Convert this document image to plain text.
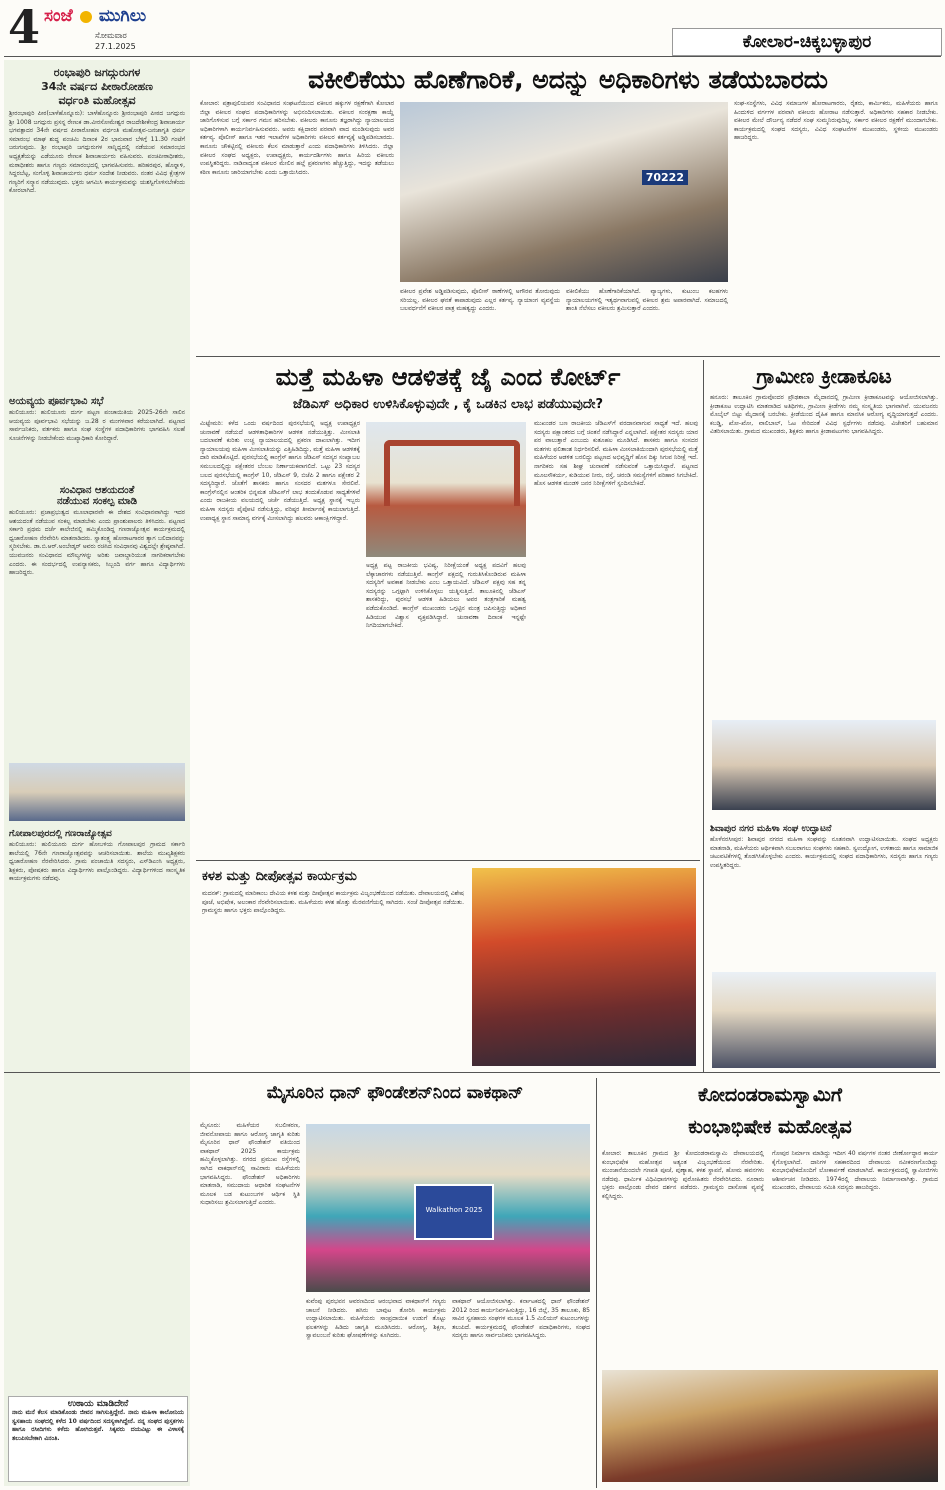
4 ಸಂಜೆ ಮುಗಿಲು
ಸೋಮವಾರ
27.1.2025	ಕೋಲಾರ-ಚಿಕ್ಕಬಳ್ಳಾಪುರ
ರಂಭಾಪುರಿ ಜಗದ್ಗುರುಗಳ
34ನೇ ವರ್ಷದ ಪೀಠಾರೋಹಣ
ವರ್ಧಂತಿ ಮಹೋತ್ಸವ
ಶ್ರೀರಂಭಾಪುರಿ ಪೀಠ(ಬಾಳೆಹೊನ್ನೂರು): ಬಾಳೆಹೊನ್ನೂರು ಶ್ರೀರಂಭಾಪುರಿ ಪೀಠದ ಜಗದ್ಗುರು ಶ್ರೀ 1008 ಜಗದ್ಗುರು ಪ್ರಸನ್ನ ರೇಣುಕ ಡಾ.ವೀರಸೋಮೇಶ್ವರ ರಾಜದೇಶೀಕೇಂದ್ರ ಶಿವಾಚಾರ್ಯ ಭಗವತ್ಪಾದರ 34ನೇ ವರ್ಷದ ಪೀಠಾರೋಹಣ ವರ್ಧಂತಿ ಮಹೋತ್ಸವ-ಜನಜಾಗೃತಿ ಧರ್ಮ ಸಮಾರಂಭ ಮಾಘ ಶುದ್ಧ ಪಂಚಮಿ ದಿನಾಂಕ 2ರ ಭಾನುವಾರ ಬೆಳಿಗ್ಗೆ 11.30 ಗಂಟೆಗೆ ಜರುಗುವುದು. ಶ್ರೀ ರಂಭಾಪುರಿ ಜಗದ್ಗುರುಗಳ ಸಾನ್ನಿಧ್ಯದಲ್ಲಿ ನಡೆಯುವ ಸಮಾರಂಭದ ಅಧ್ಯಕ್ಷತೆಯನ್ನು ಎಡೆಯೂರು ರೇಣುಕ ಶಿವಾಚಾರ್ಯರು ವಹಿಸುವರು. ಪಂಚಪೀಠಾಧೀಶರು, ಮಠಾಧೀಶರು ಹಾಗೂ ಗಣ್ಯರು ಸಮಾರಂಭದಲ್ಲಿ ಭಾಗವಹಿಸುವರು. ಹರಿಹರಪುರ, ಹೊನ್ನಾಳಿ, ಸಿದ್ದರಬೆಟ್ಟ, ಸಂಗೊಳ್ಳಿ ಶಿವಾಚಾರ್ಯರು ಧರ್ಮ ಸಂದೇಶ ನೀಡುವರು. ನಂತರ ವಿವಿಧ ಕ್ಷೇತ್ರಗಳ ಗಣ್ಯರಿಗೆ ಸನ್ಮಾನ ನಡೆಯುವುದು. ಭಕ್ತರು ಆಗಮಿಸಿ ಕಾರ್ಯಕ್ರಮವನ್ನು ಯಶಸ್ವಿಗೊಳಿಸಬೇಕೆಂದು ಕೋರಲಾಗಿದೆ.
ಅಯವ್ಯಯ ಪೂರ್ವಭಾವಿ ಸಭೆ
ಹುಲಿಯೂರು: ಹುಲಿಯೂರು ದುರ್ಗ ಪಟ್ಟಣ ಪಂಚಾಯಿತಿಯ 2025-26ನೇ ಸಾಲಿನ ಆಯವ್ಯಯ ಪೂರ್ವಭಾವಿ ಸಭೆಯನ್ನು ಜ.28 ರ ಮಂಗಳವಾರ ಕರೆಯಲಾಗಿದೆ. ಪಟ್ಟಣದ ಸಾರ್ವಜನಿಕರು, ವರ್ತಕರು ಹಾಗೂ ಸಂಘ ಸಂಸ್ಥೆಗಳ ಪದಾಧಿಕಾರಿಗಳು ಭಾಗವಹಿಸಿ ಸಲಹೆ ಸೂಚನೆಗಳನ್ನು ನೀಡಬೇಕೆಂದು ಮುಖ್ಯಾಧಿಕಾರಿ ಕೋರಿದ್ದಾರೆ.
ಸಂವಿಧಾನ ಆಶಯದಂತೆ
ನಡೆಯುವ ಸಂಕಲ್ಪ ಮಾಡಿ
ಹುಲಿಯೂರು: ಪ್ರಜಾಪ್ರಭುತ್ವದ ಮೂಲಾಧಾರವೇ ಈ ದೇಶದ ಸಂವಿಧಾನವಾಗಿದ್ದು ಇದರ ಆಶಯದಂತೆ ನಡೆಯುವ ಸಂಕಲ್ಪ ಮಾಡಬೇಕು ಎಂದು ಪ್ರಾಂಶುಪಾಲರು ತಿಳಿಸಿದರು. ಪಟ್ಟಣದ ಸರ್ಕಾರಿ ಪ್ರಥಮ ದರ್ಜೆ ಕಾಲೇಜಿನಲ್ಲಿ ಹಮ್ಮಿಕೊಂಡಿದ್ದ ಗಣರಾಜ್ಯೋತ್ಸವ ಕಾರ್ಯಕ್ರಮದಲ್ಲಿ ಧ್ವಜಾರೋಹಣ ನೆರವೇರಿಸಿ ಮಾತನಾಡಿದರು. ಸ್ವಾತಂತ್ರ್ಯ ಹೋರಾಟಗಾರರ ತ್ಯಾಗ ಬಲಿದಾನವನ್ನು ಸ್ಮರಿಸಬೇಕು. ಡಾ.ಬಿ.ಆರ್.ಅಂಬೇಡ್ಕರ್ ಅವರು ರಚಿಸಿದ ಸಂವಿಧಾನವು ವಿಶ್ವದಲ್ಲೇ ಶ್ರೇಷ್ಠವಾಗಿದೆ. ಯುವಜನರು ಸಂವಿಧಾನದ ಮೌಲ್ಯಗಳನ್ನು ಅರಿತು ಜವಾಬ್ದಾರಿಯುತ ನಾಗರಿಕರಾಗಬೇಕು ಎಂದರು. ಈ ಸಂದರ್ಭದಲ್ಲಿ ಉಪನ್ಯಾಸಕರು, ಸಿಬ್ಬಂದಿ ವರ್ಗ ಹಾಗೂ ವಿದ್ಯಾರ್ಥಿಗಳು ಹಾಜರಿದ್ದರು.
ಗೋಪಾಲಪುರದಲ್ಲಿ ಗಣರಾಜ್ಯೋತ್ಸವ
ಹುಲಿಯೂರು: ಹುಲಿಯೂರು ದುರ್ಗ ಹೋಬಳಿಯ ಗೋಪಾಲಪುರ ಗ್ರಾಮದ ಸರ್ಕಾರಿ ಶಾಲೆಯಲ್ಲಿ 76ನೇ ಗಣರಾಜ್ಯೋತ್ಸವವನ್ನು ಆಚರಿಸಲಾಯಿತು. ಶಾಲೆಯ ಮುಖ್ಯಶಿಕ್ಷಕರು ಧ್ವಜಾರೋಹಣ ನೆರವೇರಿಸಿದರು. ಗ್ರಾಮ ಪಂಚಾಯಿತಿ ಸದಸ್ಯರು, ಎಸ್‌ಡಿಎಂಸಿ ಅಧ್ಯಕ್ಷರು, ಶಿಕ್ಷಕರು, ಪೋಷಕರು ಹಾಗೂ ವಿದ್ಯಾರ್ಥಿಗಳು ಪಾಲ್ಗೊಂಡಿದ್ದರು. ವಿದ್ಯಾರ್ಥಿಗಳಿಂದ ಸಾಂಸ್ಕೃತಿಕ ಕಾರ್ಯಕ್ರಮಗಳು ನಡೆದವು.
ಉಠಾಯ ಮಾಡಿದೇನೆ
ನಾನು ಮನೆ ಕೆಲಸ ಮಾಡಿಕೊಂಡು ಜೀವನ ಸಾಗಿಸುತ್ತಿದ್ದೇನೆ. ನಾನು ಮಹಿಳಾ ಕಾಲೋನಿಯ ಸ್ವಸಹಾಯ ಸಂಘದಲ್ಲಿ ಕಳೆದ 10 ವರ್ಷದಿಂದ ಸದಸ್ಯಳಾಗಿದ್ದೇನೆ. ನನ್ನ ಸಂಘದ ಪುಸ್ತಕಗಳು ಹಾಗೂ ರಸೀದಿಗಳು ಕಳೆದು ಹೋಗಿರುತ್ತವೆ. ಸಿಕ್ಕವರು ದಯವಿಟ್ಟು ಈ ವಿಳಾಸಕ್ಕೆ ತಲುಪಿಸಬೇಕಾಗಿ ವಿನಂತಿ.
ವಕೀಲಿಕೆಯು ಹೊಣೆಗಾರಿಕೆ, ಅದನ್ನು ಅಧಿಕಾರಿಗಳು ತಡೆಯಬಾರದು
ಕೋಲಾರ: ಪತ್ರಾಪುಲಿಯವರ ಸಂವಿಧಾನದ ಸಂಘಟನೆಯಿಂದ ವಕೀಲರ ಹಕ್ಕುಗಳ ರಕ್ಷಣೆಗಾಗಿ ಕೋಲಾರ ಜಿಲ್ಲಾ ವಕೀಲರ ಸಂಘದ ಪದಾಧಿಕಾರಿಗಳನ್ನು ಅಭಿನಂದಿಸಲಾಯಿತು. ವಕೀಲರ ಸಂರಕ್ಷಣಾ ಕಾಯ್ದೆ ಜಾರಿಗೊಳಿಸುವ ಬಗ್ಗೆ ಸರ್ಕಾರ ಗಮನ ಹರಿಸಬೇಕು. ವಕೀಲರು ಕಾನೂನು ತಜ್ಞರಾಗಿದ್ದು ನ್ಯಾಯಾಲಯದ ಅಧಿಕಾರಿಗಳಾಗಿ ಕಾರ್ಯನಿರ್ವಹಿಸುವವರು. ಅವರು ಕಕ್ಷಿದಾರರ ಪರವಾಗಿ ವಾದ ಮಂಡಿಸುವುದು ಅವರ ಕರ್ತವ್ಯ. ಪೊಲೀಸ್ ಹಾಗೂ ಇತರ ಇಲಾಖೆಗಳ ಅಧಿಕಾರಿಗಳು ವಕೀಲರ ಕರ್ತವ್ಯಕ್ಕೆ ಅಡ್ಡಿಪಡಿಸಬಾರದು. ಕಾನೂನು ಚೌಕಟ್ಟಿನಲ್ಲಿ ವಕೀಲರು ಕೆಲಸ ಮಾಡುತ್ತಾರೆ ಎಂದು ಪದಾಧಿಕಾರಿಗಳು ತಿಳಿಸಿದರು. ಜಿಲ್ಲಾ ವಕೀಲರ ಸಂಘದ ಅಧ್ಯಕ್ಷರು, ಉಪಾಧ್ಯಕ್ಷರು, ಕಾರ್ಯದರ್ಶಿಗಳು ಹಾಗೂ ಹಿರಿಯ ವಕೀಲರು ಉಪಸ್ಥಿತರಿದ್ದರು. ನಾಡಿನಾದ್ಯಂತ ವಕೀಲರ ಮೇಲಿನ ಹಲ್ಲೆ ಪ್ರಕರಣಗಳು ಹೆಚ್ಚುತ್ತಿದ್ದು, ಇದನ್ನು ತಡೆಯಲು ಕಠಿಣ ಕಾನೂನು ಜಾರಿಯಾಗಬೇಕು ಎಂದು ಒತ್ತಾಯಿಸಿದರು.	70222
ವಕೀಲರ ಪ್ರವೇಶ ಅಡ್ಡಿಪಡಿಸುವುದು, ಪೊಲೀಸ್ ಠಾಣೆಗಳಲ್ಲಿ ಅಗೌರವ ತೋರುವುದು ಸರಿಯಲ್ಲ. ವಕೀಲರ ಘನತೆ ಕಾಪಾಡುವುದು ಎಲ್ಲರ ಕರ್ತವ್ಯ. ನ್ಯಾಯಾಂಗ ವ್ಯವಸ್ಥೆಯ ಬಲವರ್ಧನೆಗೆ ವಕೀಲರ ಪಾತ್ರ ಮಹತ್ವದ್ದು ಎಂದರು.
ವಕೀಲಿಕೆಯು ಹೊಣೆಗಾರಿಕೆಯಾಗಿದೆ. ವ್ಯಾಜ್ಯಗಳು, ಕುಟುಂಬ ಕಲಹಗಳು ನ್ಯಾಯಾಲಯಗಳಲ್ಲಿ ಇತ್ಯರ್ಥವಾಗುವಲ್ಲಿ ವಕೀಲರ ಶ್ರಮ ಅಪಾರವಾಗಿದೆ. ಸಮಾಜದಲ್ಲಿ ಶಾಂತಿ ನೆಲೆಸಲು ವಕೀಲರು ಶ್ರಮಿಸುತ್ತಾರೆ ಎಂದರು.
ಸಂಘ-ಸಂಸ್ಥೆಗಳು, ವಿವಿಧ ಸಮಾಜಗಳ ಹೋರಾಟಗಾರರು, ರೈತರು, ಕಾರ್ಮಿಕರು, ಮಹಿಳೆಯರು ಹಾಗೂ ಹಿಂದುಳಿದ ವರ್ಗಗಳ ಪರವಾಗಿ ವಕೀಲರು ಹೋರಾಟ ನಡೆಸುತ್ತಾರೆ. ಅಧಿಕಾರಿಗಳು ಸಹಕಾರ ನೀಡಬೇಕು. ವಕೀಲರ ಮೇಲೆ ದೌರ್ಜನ್ಯ ನಡೆದರೆ ಸಂಘ ಸುಮ್ಮನಿರುವುದಿಲ್ಲ. ಸರ್ಕಾರ ವಕೀಲರ ರಕ್ಷಣೆಗೆ ಮುಂದಾಗಬೇಕು. ಕಾರ್ಯಕ್ರಮದಲ್ಲಿ ಸಂಘದ ಸದಸ್ಯರು, ವಿವಿಧ ಸಂಘಟನೆಗಳ ಮುಖಂಡರು, ಸ್ಥಳೀಯ ಮುಖಂಡರು ಹಾಜರಿದ್ದರು.
ಮತ್ತೆ ಮಹಿಳಾ ಆಡಳಿತಕ್ಕೆ ಜೈ ಎಂದ ಕೋರ್ಟ್
ಜೆಡಿಎಸ್ ಅಧಿಕಾರ ಉಳಿಸಿಕೊಳ್ಳುವುದೇ , ಕೈ ಒಡಕಿನ ಲಾಭ ಪಡೆಯುವುದೇ?
ಮಿಟ್ಟೇಮರಿ: ಕಳೆದ ಒಂದು ವರ್ಷದಿಂದ ಪುರಸಭೆಯಲ್ಲಿ ಅಧ್ಯಕ್ಷ ಉಪಾಧ್ಯಕ್ಷರ ಚುನಾವಣೆ ನಡೆಯದೆ ಆಡಳಿತಾಧಿಕಾರಿಗಳ ಆಡಳಿತ ನಡೆಯುತ್ತಿತ್ತು. ಮೀಸಲಾತಿ ಬದಲಾವಣೆ ಕುರಿತು ಉಚ್ಚ ನ್ಯಾಯಾಲಯದಲ್ಲಿ ಪ್ರಕರಣ ದಾಖಲಾಗಿತ್ತು. ಇದೀಗ ನ್ಯಾಯಾಲಯವು ಮಹಿಳಾ ಮೀಸಲಾತಿಯನ್ನು ಎತ್ತಿಹಿಡಿದಿದ್ದು, ಮತ್ತೆ ಮಹಿಳಾ ಆಡಳಿತಕ್ಕೆ ದಾರಿ ಮಾಡಿಕೊಟ್ಟಿದೆ. ಪುರಸಭೆಯಲ್ಲಿ ಕಾಂಗ್ರೆಸ್ ಹಾಗೂ ಜೆಡಿಎಸ್ ಸದಸ್ಯರ ಸಂಖ್ಯಾಬಲ ಸಮಬಲದಲ್ಲಿದ್ದು ಪಕ್ಷೇತರರ ಬೆಂಬಲ ನಿರ್ಣಾಯಕವಾಗಲಿದೆ. ಒಟ್ಟು 23 ಸದಸ್ಯರ ಬಲದ ಪುರಸಭೆಯಲ್ಲಿ ಕಾಂಗ್ರೆಸ್ 10, ಜೆಡಿಎಸ್ 9, ಬಿಜೆಪಿ 2 ಹಾಗೂ ಪಕ್ಷೇತರ 2 ಸದಸ್ಯರಿದ್ದಾರೆ. ಜೊತೆಗೆ ಶಾಸಕರು ಹಾಗೂ ಸಂಸದರ ಮತಗಳೂ ಸೇರಲಿವೆ. ಕಾಂಗ್ರೆಸ್‌ನಲ್ಲಿನ ಆಂತರಿಕ ಭಿನ್ನಮತ ಜೆಡಿಎಸ್‌ಗೆ ಲಾಭ ತಂದುಕೊಡುವ ಸಾಧ್ಯತೆಗಳಿವೆ ಎಂದು ರಾಜಕೀಯ ವಲಯದಲ್ಲಿ ಚರ್ಚೆ ನಡೆಯುತ್ತಿದೆ. ಅಧ್ಯಕ್ಷ ಸ್ಥಾನಕ್ಕೆ ಇಬ್ಬರು ಮಹಿಳಾ ಸದಸ್ಯರು ಪೈಪೋಟಿ ನಡೆಸುತ್ತಿದ್ದು, ವರಿಷ್ಠರ ತೀರ್ಮಾನಕ್ಕೆ ಕಾಯಲಾಗುತ್ತಿದೆ. ಉಪಾಧ್ಯಕ್ಷ ಸ್ಥಾನ ಸಾಮಾನ್ಯ ವರ್ಗಕ್ಕೆ ಮೀಸಲಾಗಿದ್ದು ಹಲವರು ಆಕಾಂಕ್ಷಿಗಳಿದ್ದಾರೆ.
ಅಧ್ಯಕ್ಷ ಪಟ್ಟ ರಾಜಕೀಯ ಭವಿಷ್ಯ, ನಿರೀಕ್ಷೆಯಂತೆ ಅಧ್ಯಕ್ಷ ಪದವಿಗೆ ಹಲವು ಲೆಕ್ಕಾಚಾರಗಳು ನಡೆಯುತ್ತಿವೆ. ಕಾಂಗ್ರೆಸ್ ಪಕ್ಷದಲ್ಲಿ ಗುರುತಿಸಿಕೊಂಡಿರುವ ಮಹಿಳಾ ಸದಸ್ಯರಿಗೆ ಅವಕಾಶ ನೀಡಬೇಕು ಎಂಬ ಒತ್ತಾಯವಿದೆ. ಜೆಡಿಎಸ್ ಪಕ್ಷವು ಸಹ ತನ್ನ ಸದಸ್ಯರನ್ನು ಒಗ್ಗಟ್ಟಾಗಿ ಉಳಿಸಿಕೊಳ್ಳಲು ಯತ್ನಿಸುತ್ತಿದೆ. ತಾಲೂಕಿನಲ್ಲಿ ಜೆಡಿಎಸ್ ಶಾಸಕರಿದ್ದು, ಪುರಸಭೆ ಆಡಳಿತ ಹಿಡಿಯಲು ಅವರ ತಂತ್ರಗಾರಿಕೆ ಮಹತ್ವ ಪಡೆದುಕೊಂಡಿದೆ. ಕಾಂಗ್ರೆಸ್ ಮುಖಂಡರು ಒಗ್ಗಟ್ಟಿನ ಮಂತ್ರ ಜಪಿಸುತ್ತಿದ್ದು ಅಧಿಕಾರ ಹಿಡಿಯುವ ವಿಶ್ವಾಸ ವ್ಯಕ್ತಪಡಿಸಿದ್ದಾರೆ. ಚುನಾವಣಾ ದಿನಾಂಕ ಇನ್ನಷ್ಟೇ ನಿಗದಿಯಾಗಬೇಕಿದೆ.
ಮುಖಂಡರ ಬಣ ರಾಜಕೀಯ ಜೆಡಿಎಸ್‌ಗೆ ವರದಾನವಾಗುವ ಸಾಧ್ಯತೆ ಇದೆ. ಹಲವು ಸದಸ್ಯರು ಪಕ್ಷಾಂತರದ ಬಗ್ಗೆ ಚಿಂತನೆ ನಡೆಸಿದ್ದಾರೆ ಎನ್ನಲಾಗಿದೆ. ಪಕ್ಷೇತರ ಸದಸ್ಯರು ಯಾರ ಪರ ವಾಲುತ್ತಾರೆ ಎಂಬುದು ಕುತೂಹಲ ಮೂಡಿಸಿದೆ. ಶಾಸಕರು ಹಾಗೂ ಸಂಸದರ ಮತಗಳು ಫಲಿತಾಂಶ ನಿರ್ಧರಿಸಲಿವೆ. ಮಹಿಳಾ ಮೀಸಲಾತಿಯಿಂದಾಗಿ ಪುರಸಭೆಯಲ್ಲಿ ಮತ್ತೆ ಮಹಿಳೆಯರ ಆಡಳಿತ ಬರಲಿದ್ದು ಪಟ್ಟಣದ ಅಭಿವೃದ್ಧಿಗೆ ಹೊಸ ದಿಕ್ಕು ಸಿಗುವ ನಿರೀಕ್ಷೆ ಇದೆ. ನಾಗರಿಕರು ಸಹ ಶೀಘ್ರ ಚುನಾವಣೆ ನಡೆಸುವಂತೆ ಒತ್ತಾಯಿಸಿದ್ದಾರೆ. ಪಟ್ಟಣದ ಮೂಲಸೌಕರ್ಯ, ಕುಡಿಯುವ ನೀರು, ರಸ್ತೆ, ಚರಂಡಿ ಸಮಸ್ಯೆಗಳಿಗೆ ಪರಿಹಾರ ಸಿಗಬೇಕಿದೆ. ಹೊಸ ಆಡಳಿತ ಮಂಡಳಿ ಜನರ ನಿರೀಕ್ಷೆಗಳಿಗೆ ಸ್ಪಂದಿಸಬೇಕಿದೆ.
ಗ್ರಾಮೀಣ ಕ್ರೀಡಾಕೂಟ
ಹನೂರು: ತಾಲೂಕಿನ ಗ್ರಾಮವೊಂದರ ಪ್ರೌಢಶಾಲಾ ಮೈದಾನದಲ್ಲಿ ಗ್ರಾಮೀಣ ಕ್ರೀಡಾಕೂಟವನ್ನು ಆಯೋಜಿಸಲಾಗಿತ್ತು. ಕ್ರೀಡಾಕೂಟ ಉದ್ಘಾಟಿಸಿ ಮಾತನಾಡಿದ ಅತಿಥಿಗಳು, ಗ್ರಾಮೀಣ ಕ್ರೀಡೆಗಳು ನಮ್ಮ ಸಂಸ್ಕೃತಿಯ ಭಾಗವಾಗಿವೆ. ಯುವಜನರು ಮೊಬೈಲ್ ಬಿಟ್ಟು ಮೈದಾನಕ್ಕೆ ಬರಬೇಕು. ಕ್ರೀಡೆಯಿಂದ ದೈಹಿಕ ಹಾಗೂ ಮಾನಸಿಕ ಆರೋಗ್ಯ ವೃದ್ಧಿಯಾಗುತ್ತದೆ ಎಂದರು. ಕಬಡ್ಡಿ, ಖೋ-ಖೋ, ವಾಲಿಬಾಲ್, ಓಟ ಸೇರಿದಂತೆ ವಿವಿಧ ಸ್ಪರ್ಧೆಗಳು ನಡೆದವು. ವಿಜೇತರಿಗೆ ಬಹುಮಾನ ವಿತರಿಸಲಾಯಿತು. ಗ್ರಾಮದ ಮುಖಂಡರು, ಶಿಕ್ಷಕರು ಹಾಗೂ ಕ್ರೀಡಾಪಟುಗಳು ಭಾಗವಹಿಸಿದ್ದರು.
ಶಿವಾಪುರ ನಗರ ಮಹಿಳಾ ಸಂಘ ಉದ್ಘಾಟನೆ
ಹೊಳೆನರಸೀಪುರ: ಶಿವಾಪುರ ನಗರದ ಮಹಿಳಾ ಸಂಘವನ್ನು ನೂತನವಾಗಿ ಉದ್ಘಾಟಿಸಲಾಯಿತು. ಸಂಘದ ಅಧ್ಯಕ್ಷರು ಮಾತನಾಡಿ, ಮಹಿಳೆಯರು ಆರ್ಥಿಕವಾಗಿ ಸಬಲರಾಗಲು ಸಂಘಗಳು ಸಹಕಾರಿ. ಸ್ವಉದ್ಯೋಗ, ಉಳಿತಾಯ ಹಾಗೂ ಸಾಮಾಜಿಕ ಚಟುವಟಿಕೆಗಳಲ್ಲಿ ತೊಡಗಿಸಿಕೊಳ್ಳಬೇಕು ಎಂದರು. ಕಾರ್ಯಕ್ರಮದಲ್ಲಿ ಸಂಘದ ಪದಾಧಿಕಾರಿಗಳು, ಸದಸ್ಯರು ಹಾಗೂ ಗಣ್ಯರು ಉಪಸ್ಥಿತರಿದ್ದರು.
ಕಳಶ ಮತ್ತು ದೀಪೋತ್ಸವ ಕಾರ್ಯಕ್ರಮ
ಮದನಕ್: ಗ್ರಾಮದಲ್ಲಿ ಮಾರಿಕಾಂಬ ದೇವಿಯ ಕಳಶ ಮತ್ತು ದೀಪೋತ್ಸವ ಕಾರ್ಯಕ್ರಮ ವಿಜೃಂಭಣೆಯಿಂದ ನಡೆಯಿತು. ದೇವಾಲಯದಲ್ಲಿ ವಿಶೇಷ ಪೂಜೆ, ಅಭಿಷೇಕ, ಅಲಂಕಾರ ನೆರವೇರಿಸಲಾಯಿತು. ಮಹಿಳೆಯರು ಕಳಶ ಹೊತ್ತು ಮೆರವಣಿಗೆಯಲ್ಲಿ ಸಾಗಿದರು. ಸಂಜೆ ದೀಪೋತ್ಸವ ನಡೆಯಿತು. ಗ್ರಾಮಸ್ಥರು ಹಾಗೂ ಭಕ್ತರು ಪಾಲ್ಗೊಂಡಿದ್ದರು.
ಮೈಸೂರಿನ ಧಾನ್ ಫೌಂಡೇಶನ್‌ನಿಂದ ವಾಕಥಾನ್
ಮೈಸೂರು: ಮಹಿಳೆಯರ ಸಬಲೀಕರಣ, ಜೀವನೋಪಾಯ ಹಾಗೂ ಆರೋಗ್ಯ ಜಾಗೃತಿ ಕುರಿತು ಮೈಸೂರಿನ ಧಾನ್ ಫೌಂಡೇಶನ್ ವತಿಯಿಂದ ವಾಕಥಾನ್ 2025 ಕಾರ್ಯಕ್ರಮ ಹಮ್ಮಿಕೊಳ್ಳಲಾಗಿತ್ತು. ನಗರದ ಪ್ರಮುಖ ರಸ್ತೆಗಳಲ್ಲಿ ಸಾಗಿದ ವಾಕಥಾನ್‌ನಲ್ಲಿ ಸಾವಿರಾರು ಮಹಿಳೆಯರು ಭಾಗವಹಿಸಿದ್ದರು. ಫೌಂಡೇಶನ್ ಅಧಿಕಾರಿಗಳು ಮಾತನಾಡಿ, ಸಮುದಾಯ ಆಧಾರಿತ ಸಂಘಟನೆಗಳ ಮೂಲಕ ಬಡ ಕುಟುಂಬಗಳ ಆರ್ಥಿಕ ಸ್ಥಿತಿ ಸುಧಾರಿಸಲು ಶ್ರಮಿಸಲಾಗುತ್ತಿದೆ ಎಂದರು.
Walkathon 2025
ಕುವೆಂಪು ಪುರಭವನ ಆವರಣದಿಂದ ಆರಂಭವಾದ ವಾಕಥಾನ್‌ಗೆ ಗಣ್ಯರು ಚಾಲನೆ ನೀಡಿದರು. ಹಸಿರು ಬಾವುಟ ತೋರಿಸಿ ಕಾರ್ಯಕ್ರಮ ಉದ್ಘಾಟಿಸಲಾಯಿತು. ಮಹಿಳೆಯರು ಸಾಂಪ್ರದಾಯಿಕ ಉಡುಗೆ ತೊಟ್ಟು ಫಲಕಗಳನ್ನು ಹಿಡಿದು ಜಾಗೃತಿ ಮೂಡಿಸಿದರು. ಆರೋಗ್ಯ, ಶಿಕ್ಷಣ, ಸ್ವಾವಲಂಬನೆ ಕುರಿತು ಘೋಷಣೆಗಳನ್ನು ಕೂಗಿದರು.
ವಾಕಥಾನ್ ಆಯೋಜಿಸಲಾಗಿತ್ತು. ಕರ್ನಾಟಕದಲ್ಲಿ ಧಾನ್ ಫೌಂಡೇಶನ್ 2012 ರಿಂದ ಕಾರ್ಯನಿರ್ವಹಿಸುತ್ತಿದ್ದು, 16 ಜಿಲ್ಲೆ, 35 ತಾಲೂಕು, 85 ಸಾವಿರ ಸ್ವಸಹಾಯ ಸಂಘಗಳ ಮೂಲಕ 1.5 ಮಿಲಿಯನ್ ಕುಟುಂಬಗಳನ್ನು ತಲುಪಿದೆ. ಕಾರ್ಯಕ್ರಮದಲ್ಲಿ ಫೌಂಡೇಶನ್ ಪದಾಧಿಕಾರಿಗಳು, ಸಂಘದ ಸದಸ್ಯರು ಹಾಗೂ ಸಾರ್ವಜನಿಕರು ಭಾಗವಹಿಸಿದ್ದರು.
ಕೋದಂಡರಾಮಸ್ವಾಮಿಗೆ
ಕುಂಭಾಭಿಷೇಕ ಮಹೋತ್ಸವ
ಕೋಲಾರ: ತಾಲೂಕಿನ ಗ್ರಾಮದ ಶ್ರೀ ಕೋದಂಡರಾಮಸ್ವಾಮಿ ದೇವಾಲಯದಲ್ಲಿ ಕುಂಭಾಭಿಷೇಕ ಮಹೋತ್ಸವ ಅತ್ಯಂತ ವಿಜೃಂಭಣೆಯಿಂದ ನೆರವೇರಿತು. ಮುಂಜಾನೆಯಿಂದಲೇ ಗಣಪತಿ ಪೂಜೆ, ಪುಣ್ಯಾಹ, ಕಳಶ ಸ್ಥಾಪನೆ, ಹೋಮ ಹವನಗಳು ನಡೆದವು. ಧಾರ್ಮಿಕ ವಿಧಿವಿಧಾನಗಳನ್ನು ಪುರೋಹಿತರು ನೆರವೇರಿಸಿದರು. ನೂರಾರು ಭಕ್ತರು ಪಾಲ್ಗೊಂಡು ದೇವರ ದರ್ಶನ ಪಡೆದರು. ಗ್ರಾಮಸ್ಥರು ದಾಸೋಹ ವ್ಯವಸ್ಥೆ ಕಲ್ಪಿಸಿದ್ದರು.
ಗೋಪುರ ನಿರ್ಮಾಣ ಮಾಡಿದ್ದು ಇದೀಗ 40 ವರ್ಷಗಳ ನಂತರ ಜೀರ್ಣೋದ್ಧಾರ ಕಾರ್ಯ ಕೈಗೊಳ್ಳಲಾಗಿದೆ. ದಾನಿಗಳ ಸಹಕಾರದಿಂದ ದೇವಾಲಯ ನವೀಕರಣಗೊಂಡಿದ್ದು ಕುಂಭಾಭಿಷೇಕದೊಂದಿಗೆ ಲೋಕಾರ್ಪಣೆ ಮಾಡಲಾಗಿದೆ. ಕಾರ್ಯಕ್ರಮದಲ್ಲಿ ಸ್ವಾಮೀಜಿಗಳು ಆಶೀರ್ವಚನ ನೀಡಿದರು. 1974ರಲ್ಲಿ ದೇವಾಲಯ ನಿರ್ಮಾಣವಾಗಿತ್ತು. ಗ್ರಾಮದ ಮುಖಂಡರು, ದೇವಾಲಯ ಸಮಿತಿ ಸದಸ್ಯರು ಹಾಜರಿದ್ದರು.
